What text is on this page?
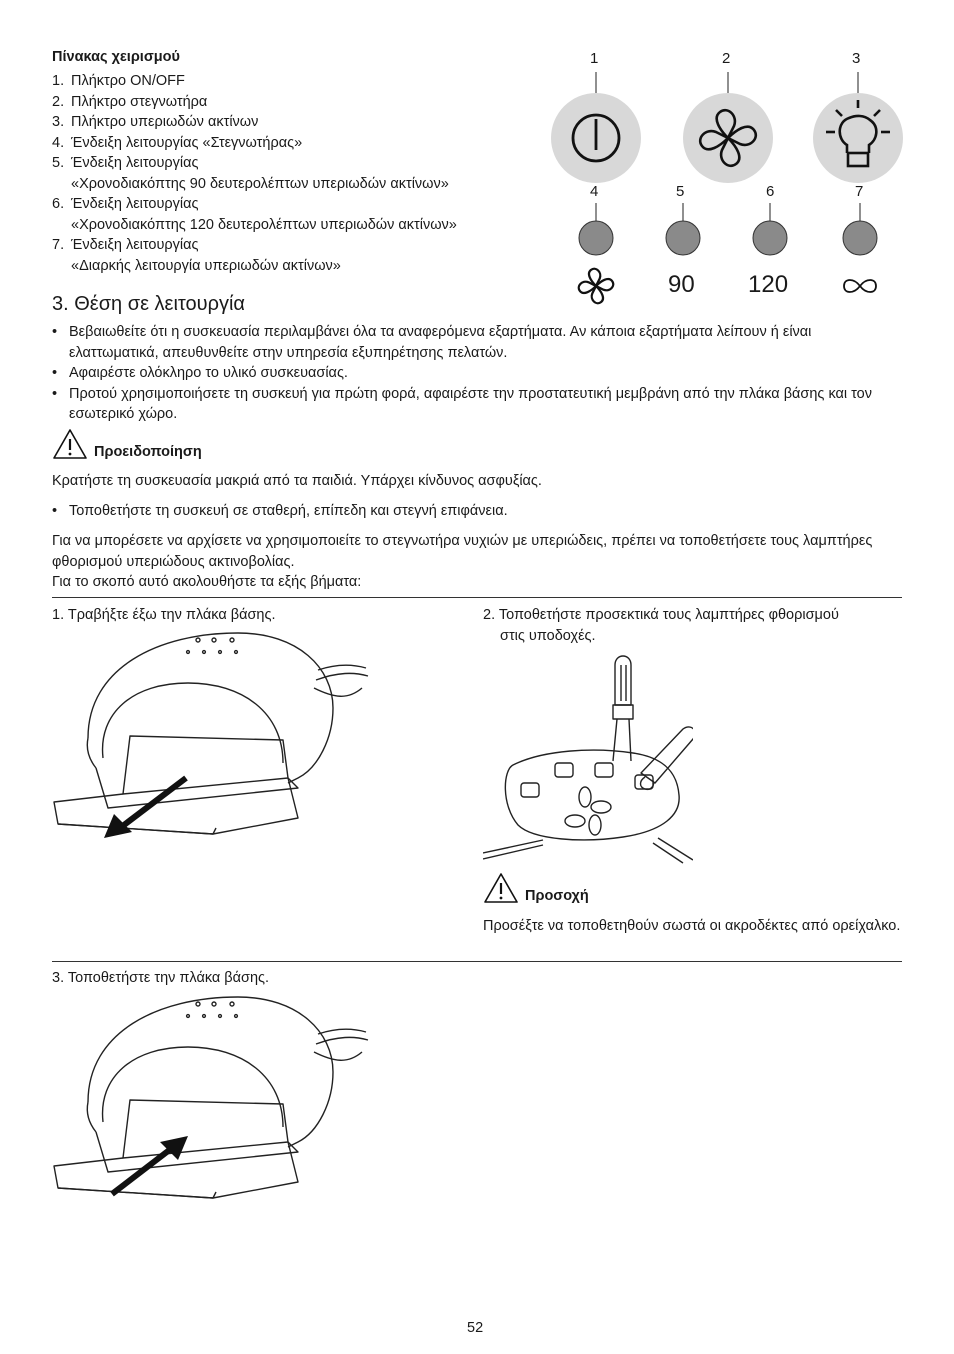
Πίνακας χειρισμού
1. Πλήκτρο ON/OFF
2. Πλήκτρο στεγνωτήρα
3. Πλήκτρο υπεριωδών ακτίνων
4. Ένδειξη λειτουργίας «Στεγνωτήρας»
5. Ένδειξη λειτουργίας
«Χρονοδιακόπτης 90 δευτερολέπτων υπεριωδών ακτίνων»
6. Ένδειξη λειτουργίας
«Χρονοδιακόπτης 120 δευτερολέπτων υπεριωδών ακτίνων»
7. Ένδειξη λειτουργίας
«Διαρκής λειτουργία υπεριωδών ακτίνων»
1	2	3
4	5	6	7
90 120
3. Θέση σε λειτουργία
• Βεβαιωθείτε ότι η συσκευασία περιλαμβάνει όλα τα αναφερόμενα εξαρτήματα. Αν κάποια εξαρτήματα λείπουν ή είναι ελαττωματικά, απευθυνθείτε στην υπηρεσία εξυπηρέτησης πελατών.
• Αφαιρέστε ολόκληρο το υλικό συσκευασίας.
• Προτού χρησιμοποιήσετε τη συσκευή για πρώτη φορά, αφαιρέστε την προστατευτική μεμβράνη από την πλάκα βάσης και τον εσωτερικό χώρο.
Προειδοποίηση
Κρατήστε τη συσκευασία μακριά από τα παιδιά. Υπάρχει κίνδυνος ασφυξίας.
• Τοποθετήστε τη συσκευή σε σταθερή, επίπεδη και στεγνή επιφάνεια.
Για να μπορέσετε να αρχίσετε να χρησιμοποιείτε το στεγνωτήρα νυχιών με υπεριώδεις, πρέπει να τοποθετήσετε τους λαμπτήρες φθορισμού υπεριώδους ακτινοβολίας.
Για το σκοπό αυτό ακολουθήστε τα εξής βήματα:
1. Τραβήξτε έξω την πλάκα βάσης.	2. Τοποθετήστε προσεκτικά τους λαμπτήρες φθορισμού
στις υποδοχές.
Προσοχή
Προσέξτε να τοποθετηθούν σωστά οι ακροδέκτες από ορείχαλκο.
3. Τοποθετήστε την πλάκα βάσης.
52
